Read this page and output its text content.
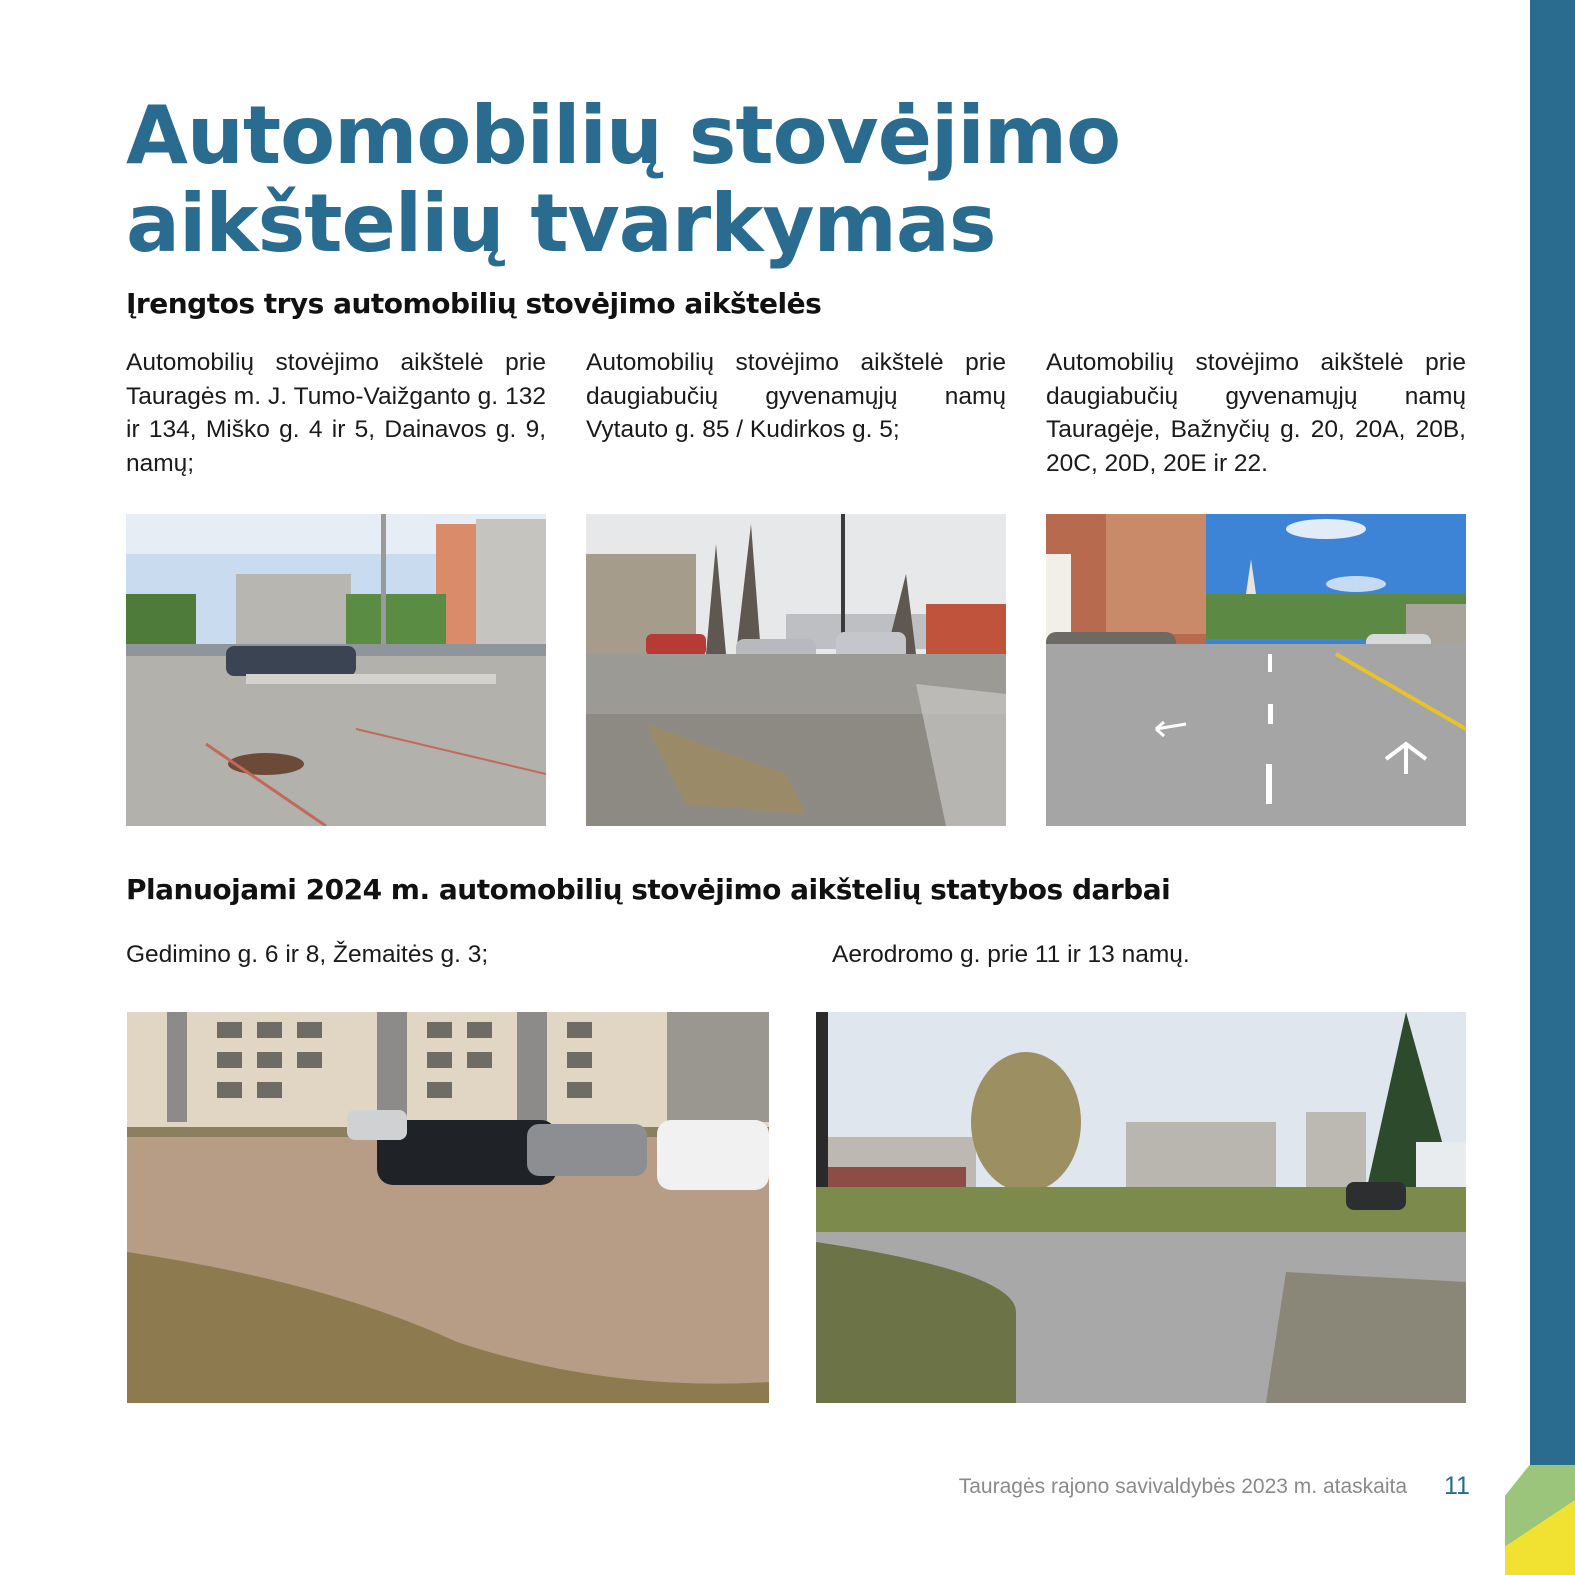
Automobilių stovėjimo aikštelių tvarkymas
Įrengtos trys automobilių stovėjimo aikštelės

Automobilių stovėjimo aikštelė prie Tauragės m. J. Tumo-Vaižganto g. 132 ir 134, Miško g. 4 ir 5, Dainavos g. 9, namų;

Automobilių stovėjimo aikštelė prie daugiabučių gyvenamųjų namų Vytauto g. 85 / Kudirkos g. 5;

Automobilių stovėjimo aikštelė prie daugiabučių gyvenamųjų namų Tauragėje, Bažnyčių g. 20, 20A, 20B, 20C, 20D, 20E ir 22.

Planuojami 2024 m. automobilių stovėjimo aikštelių statybos darbai

Gedimino g. 6 ir 8, Žemaitės g. 3;	Aerodromo g. prie 11 ir 13 namų.

Tauragės rajono savivaldybės 2023 m. ataskaita 11
